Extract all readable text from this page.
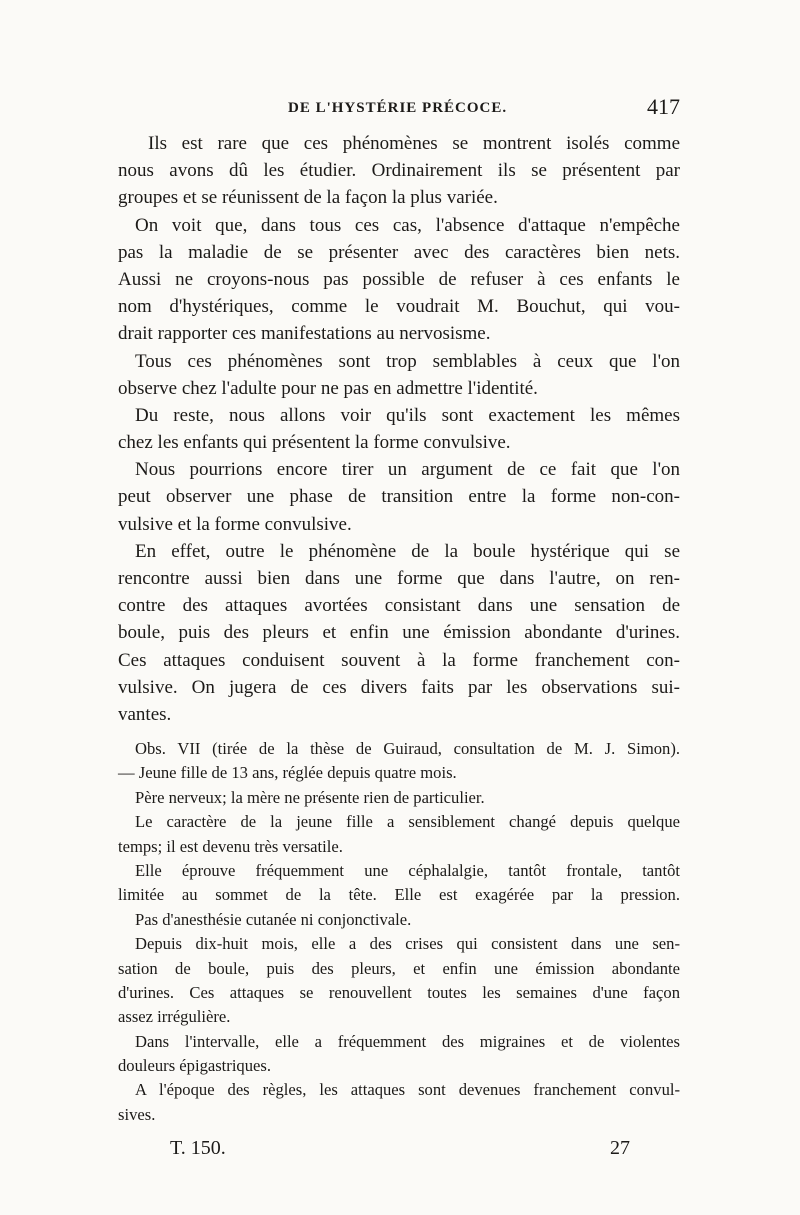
DE L'HYSTÉRIE PRÉCOCE.	417
Ils est rare que ces phénomènes se montrent isolés comme
nous avons dû les étudier. Ordinairement ils se présentent par
groupes et se réunissent de la façon la plus variée.
On voit que, dans tous ces cas, l'absence d'attaque n'empêche
pas la maladie de se présenter avec des caractères bien nets.
Aussi ne croyons-nous pas possible de refuser à ces enfants le
nom d'hystériques, comme le voudrait M. Bouchut, qui vou-
drait rapporter ces manifestations au nervosisme.
Tous ces phénomènes sont trop semblables à ceux que l'on
observe chez l'adulte pour ne pas en admettre l'identité.
Du reste, nous allons voir qu'ils sont exactement les mêmes
chez les enfants qui présentent la forme convulsive.
Nous pourrions encore tirer un argument de ce fait que l'on
peut observer une phase de transition entre la forme non-con-
vulsive et la forme convulsive.
En effet, outre le phénomène de la boule hystérique qui se
rencontre aussi bien dans une forme que dans l'autre, on ren-
contre des attaques avortées consistant dans une sensation de
boule, puis des pleurs et enfin une émission abondante d'urines.
Ces attaques conduisent souvent à la forme franchement con-
vulsive. On jugera de ces divers faits par les observations sui-
vantes.
Obs. VII (tirée de la thèse de Guiraud, consultation de M. J. Simon).
— Jeune fille de 13 ans, réglée depuis quatre mois.
Père nerveux; la mère ne présente rien de particulier.
Le caractère de la jeune fille a sensiblement changé depuis quelque
temps; il est devenu très versatile.
Elle éprouve fréquemment une céphalalgie, tantôt frontale, tantôt
limitée au sommet de la tête. Elle est exagérée par la pression.
Pas d'anesthésie cutanée ni conjonctivale.
Depuis dix-huit mois, elle a des crises qui consistent dans une sen-
sation de boule, puis des pleurs, et enfin une émission abondante
d'urines. Ces attaques se renouvellent toutes les semaines d'une façon
assez irrégulière.
Dans l'intervalle, elle a fréquemment des migraines et de violentes
douleurs épigastriques.
A l'époque des règles, les attaques sont devenues franchement convul-
sives.
T. 150.	27
